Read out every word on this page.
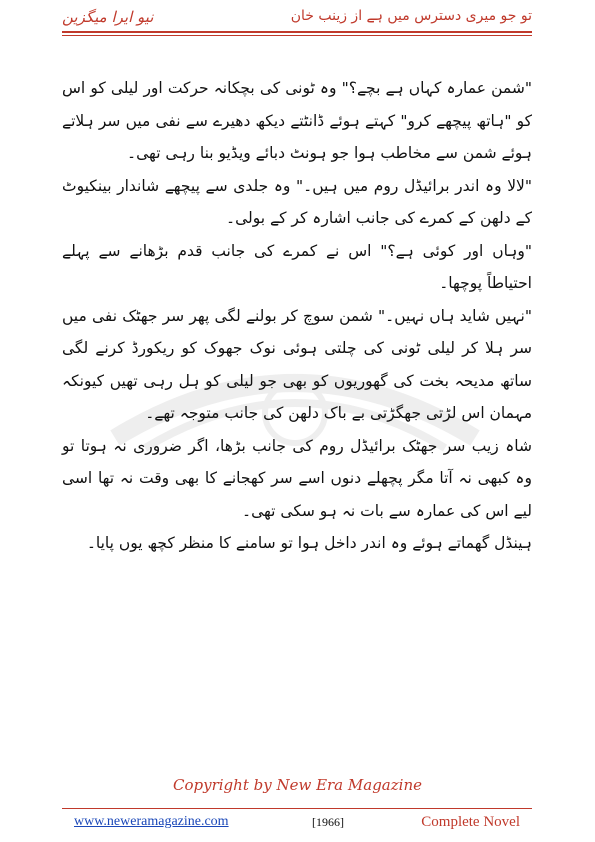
نیو ایرا میگزین	تو جو میری دسترس میں ہے از زینب خان

"شمن عمارہ کہاں ہے بچے؟" وہ ٹونی کی بچکانہ حرکت اور لیلی کو اس کو "ہاتھ پیچھے کرو" کہتے ہوئے ڈانٹتے دیکھ دھیرے سے نفی میں سر ہلاتے ہوئے شمن سے مخاطب ہوا جو ہونٹ دبائے ویڈیو بنا رہی تھی۔

"لالا وہ اندر برائیڈل روم میں ہیں۔" وہ جلدی سے پیچھے شاندار بینکیوٹ کے دلھن کے کمرے کی جانب اشارہ کر کے بولی۔

"وہاں اور کوئی ہے؟" اس نے کمرے کی جانب قدم بڑھانے سے پہلے احتیاطاً پوچھا۔

"نہیں شاید ہاں نہیں۔" شمن سوچ کر بولنے لگی پھر سر جھٹک نفی میں سر ہلا کر لیلی ٹونی کی چلتی ہوئی نوک جھوک کو ریکورڈ کرنے لگی ساتھ مدیحہ بخت کی گھوریوں کو بھی جو لیلی کو ہل رہی تھیں کیونکہ مہمان اس لڑتی جھگڑتی بے باک دلھن کی جانب متوجہ تھے۔

شاہ زیب سر جھٹک برائیڈل روم کی جانب بڑھا، اگر ضروری نہ ہوتا تو وہ کبھی نہ آتا مگر پچھلے دنوں اسے سر کھجانے کا بھی وقت نہ تھا اسی لیے اس کی عمارہ سے بات نہ ہو سکی تھی۔

ہینڈل گھماتے ہوئے وہ اندر داخل ہوا تو سامنے کا منظر کچھ یوں پایا۔

Copyright by New Era Magazine
www.neweramagazine.com	[1966]	Complete Novel
